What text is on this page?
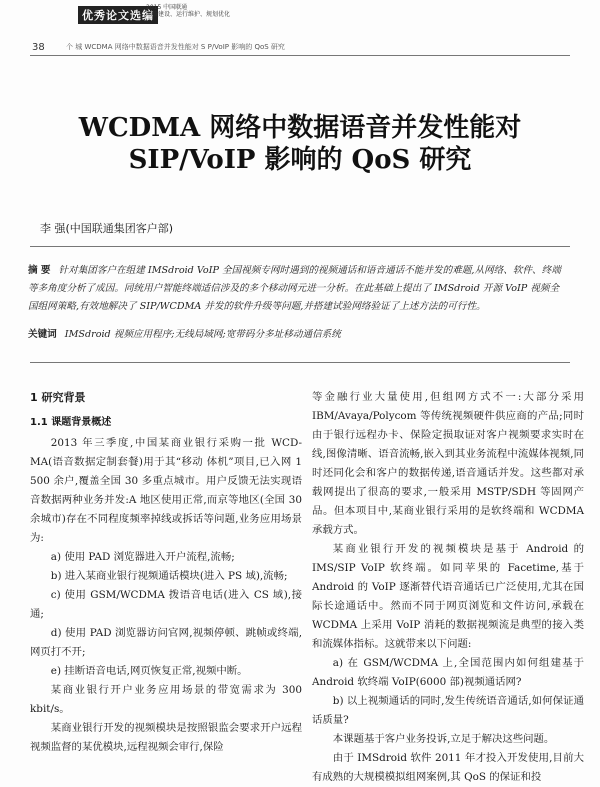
优秀论文选编
2015 中国联通
网络建设、运行维护、规划优化
38	个 城 WCDMA 网络中数据语音并发性能对 S P/VoIP 影响的 QoS 研究
WCDMA 网络中数据语音并发性能对
SIP/VoIP 影响的 QoS 研究
李 强(中国联通集团客户部)
摘 要 针对集团客户在组建 IMSdroid VoIP 全国视频专网时遇到的视频通话和语音通话不能并发的难题,从网络、软件、终端等多角度分析了成因。同统用户智能终端适信涉及的多个移动网元进一分析。在此基础上提出了 IMSdroid 开源 VoIP 视频全国组网策略,有效地解决了 SIP/WCDMA 并发的软件升级等问题,并搭建试验网络验证了上述方法的可行性。
关键词 IMSdroid 视频应用程序;无线局域网;宽带码分多址移动通信系统
1 研究背景
1.1 课题背景概述

2013 年三季度,中国某商业银行采购一批 WCD-MA(语音数据定制套餐)用于其“移动 体机”项目,已入网 1 500 余户,覆盖全国 30 多重点城市。用户反馈无法实现语音数据两种业务并发:A 地区使用正常,而京等地区(全国 30 余城市)存在不同程度频率掉线或拆话等问题,业务应用场景为:

a) 使用 PAD 浏览器进入开户流程,流畅;

b) 进入某商业银行视频通话模块(进入 PS 域),流畅;

c) 使用 GSM/WCDMA 拨语音电话(进入 CS 域),接通;

d) 使用 PAD 浏览器访问官网,视频停顿、跳帧或终端,网页打不开;

e) 挂断语音电话,网页恢复正常,视频中断。

某商业银行开户业务应用场景的带宽需求为 300 kbit/s。

某商业银行开发的视频模块是按照银监会要求开户远程视频监督的某优模块,远程视频会审行,保险

等金融行业大量使用,但组网方式不一:大部分采用 IBM/Avaya/Polycom 等传统视频硬件供应商的产品;同时由于银行远程办卡、保险定损取证对客户视频要求实时在线,图像清晰、语音流畅,嵌入到其业务流程中流媒体视频,同时还同化会和客户的数据传递,语音通话并发。这些都对承载网提出了很高的要求,一般采用 MSTP/SDH 等固网产品。但本项目中,某商业银行采用的是软终端和 WCDMA 承载方式。

某商业银行开发的视频模块是基于 Android 的 IMS/SIP VoIP 软终端。如同苹果的 Facetime,基于 Android 的 VoIP 逐渐替代语音通话已广泛使用,尤其在国际长途通话中。然而不同于网页浏览和文件访问,承载在 WCDMA 上采用 VoIP 消耗的数据视频流是典型的接入类和流媒体指标。这就带来以下问题:

a) 在 GSM/WCDMA 上,全国范围内如何组建基于 Android 软终端 VoIP(6000 部)视频通话网?

b) 以上视频通话的同时,发生传统语音通话,如何保证通话质量?

本课题基于客户业务投诉,立足于解决这些问题。

由于 IMSdroid 软件 2011 年才投入开发使用,目前大有成熟的大规模模拟组网案例,其 QoS 的保证和投
